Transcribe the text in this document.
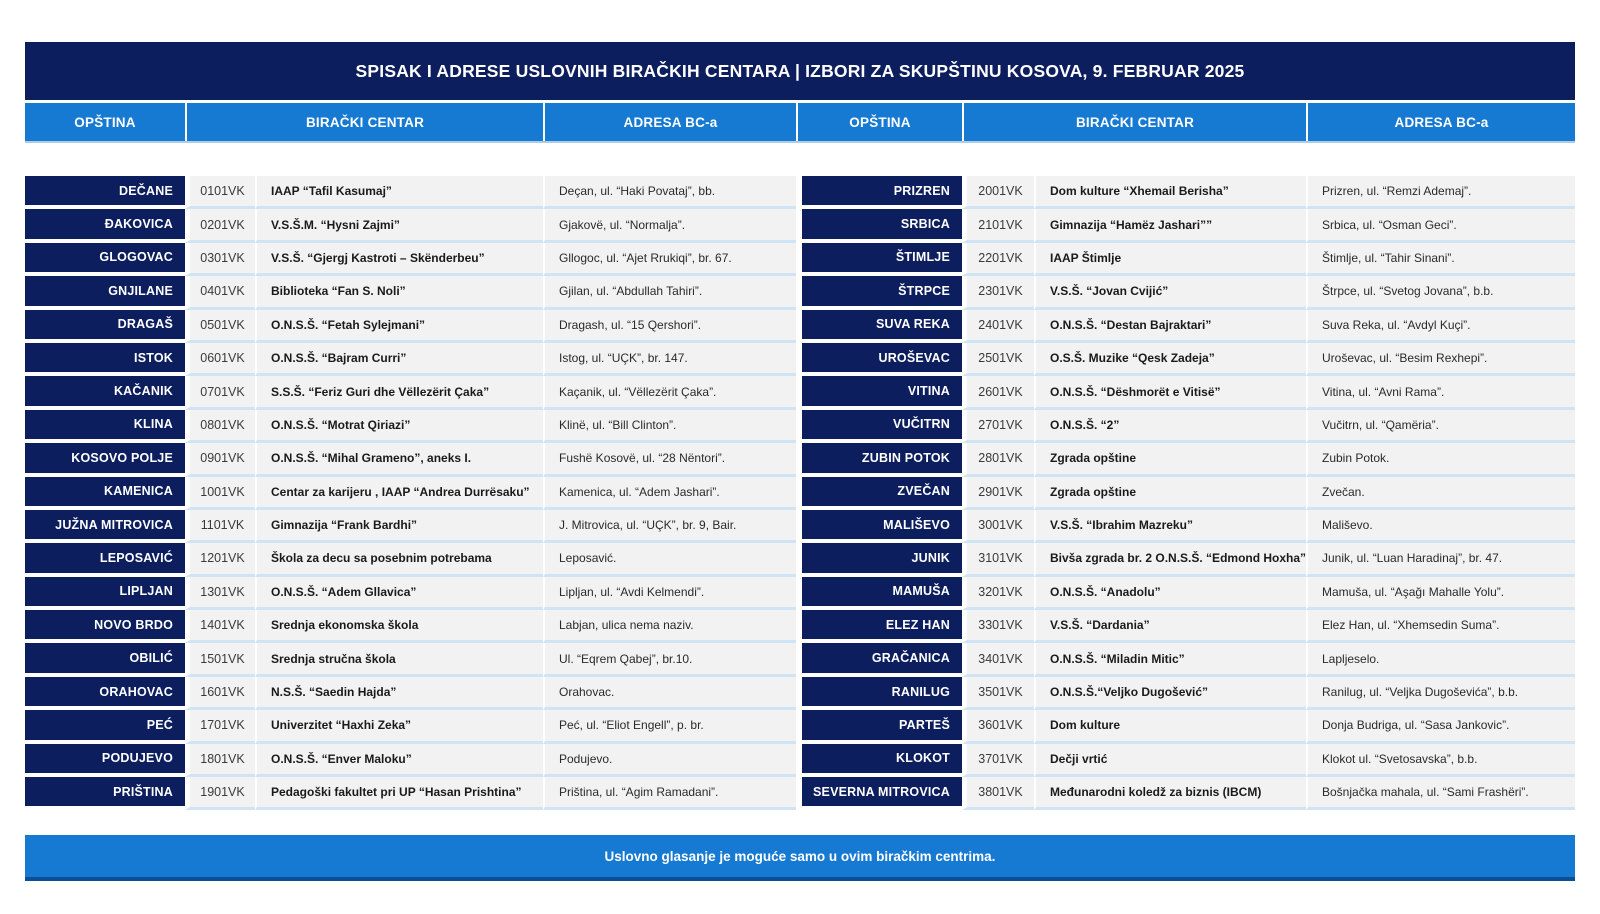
SPISAK I ADRESE USLOVNIH BIRAČKIH CENTARA | IZBORI ZA SKUPŠTINU KOSOVA, 9. FEBRUAR 2025
OPŠTINA	BIRAČKI CENTAR	ADRESA BC-a	OPŠTINA	BIRAČKI CENTAR	ADRESA BC-a
DEČANE	0101VK	IAAP “Tafil Kasumaj”	Deçan, ul. “Haki Povataj”, bb.	PRIZREN	2001VK	Dom kulture “Xhemail Berisha”	Prizren, ul. “Remzi Ademaj”.
ĐAKOVICA	0201VK	V.S.Š.M. “Hysni Zajmi”	Gjakovë, ul. “Normalja”.	SRBICA	2101VK	Gimnazija “Hamëz Jashari””	Srbica, ul. “Osman Geci”.
GLOGOVAC	0301VK	V.S.Š. “Gjergj Kastroti – Skënderbeu”	Gllogoc, ul. “Ajet Rrukiqi”, br. 67.	ŠTIMLJE	2201VK	IAAP Štimlje	Štimlje, ul. “Tahir Sinani”.
GNJILANE	0401VK	Biblioteka “Fan S. Noli”	Gjilan, ul. “Abdullah Tahiri”.	ŠTRPCE	2301VK	V.S.Š. “Jovan Cvijić”	Štrpce, ul. “Svetog Jovana”, b.b.
DRAGAŠ	0501VK	O.N.S.Š. “Fetah Sylejmani”	Dragash, ul. “15 Qershori”.	SUVA REKA	2401VK	O.N.S.Š. “Destan Bajraktari”	Suva Reka, ul. “Avdyl Kuçi”.
ISTOK	0601VK	O.N.S.Š. “Bajram Curri”	Istog, ul. “UÇK”, br. 147.	UROŠEVAC	2501VK	O.S.Š. Muzike “Qesk Zadeja”	Uroševac, ul. “Besim Rexhepi”.
KAČANIK	0701VK	S.S.Š. “Feriz Guri dhe Vëllezërit Çaka”	Kaçanik, ul. “Vëllezërit Çaka”.	VITINA	2601VK	O.N.S.Š. “Dëshmorët e Vitisë”	Vitina, ul. “Avni Rama”.
KLINA	0801VK	O.N.S.Š. “Motrat Qiriazi”	Klinë, ul. “Bill Clinton”.	VUČITRN	2701VK	O.N.S.Š. “2”	Vučitrn, ul. “Qamëria”.
KOSOVO POLJE	0901VK	O.N.S.Š. “Mihal Grameno”, aneks I.	Fushë Kosovë, ul. “28 Nëntori”.	ZUBIN POTOK	2801VK	Zgrada opštine	Zubin Potok.
KAMENICA	1001VK	Centar za karijeru , IAAP “Andrea Durrësaku”	Kamenica, ul. “Adem Jashari”.	ZVEČAN	2901VK	Zgrada opštine	Zvečan.
JUŽNA MITROVICA	1101VK	Gimnazija “Frank Bardhi”	J. Mitrovica, ul. “UÇK”, br. 9, Bair.	MALIŠEVO	3001VK	V.S.Š. “Ibrahim Mazreku”	Mališevo.
LEPOSAVIĆ	1201VK	Škola za decu sa posebnim potrebama	Leposavić.	JUNIK	3101VK	Bivša zgrada br. 2 O.N.S.Š. “Edmond Hoxha”	Junik, ul. “Luan Haradinaj”, br. 47.
LIPLJAN	1301VK	O.N.S.Š. “Adem Gllavica”	Lipljan, ul. “Avdi Kelmendi”.	MAMUŠA	3201VK	O.N.S.Š. “Anadolu”	Mamuša, ul. “Aşağı Mahalle Yolu”.
NOVO BRDO	1401VK	Srednja ekonomska škola	Labjan, ulica nema naziv.	ELEZ HAN	3301VK	V.S.Š. “Dardania”	Elez Han, ul. “Xhemsedin Suma”.
OBILIĆ	1501VK	Srednja stručna škola	Ul. “Eqrem Qabej”, br.10.	GRAČANICA	3401VK	O.N.S.Š. “Miladin Mitic”	Lapljeselo.
ORAHOVAC	1601VK	N.S.Š. “Saedin Hajda”	Orahovac.	RANILUG	3501VK	O.N.S.Š.“Veljko Dugošević”	Ranilug, ul. “Veljka Dugoševića”, b.b.
PEĆ	1701VK	Univerzitet “Haxhi Zeka”	Peć, ul. “Eliot Engell”, p. br.	PARTEŠ	3601VK	Dom kulture	Donja Budriga, ul. “Sasa Jankovic”.
PODUJEVO	1801VK	O.N.S.Š. “Enver Maloku”	Podujevo.	KLOKOT	3701VK	Dečji vrtić	Klokot ul. “Svetosavska”, b.b.
PRIŠTINA	1901VK	Pedagoški fakultet pri UP “Hasan Prishtina”	Priština, ul. “Agim Ramadani”.	SEVERNA MITROVICA	3801VK	Međunarodni koledž za biznis (IBCM)	Bošnjačka mahala, ul. “Sami Frashëri”.
Uslovno glasanje je moguće samo u ovim biračkim centrima.
